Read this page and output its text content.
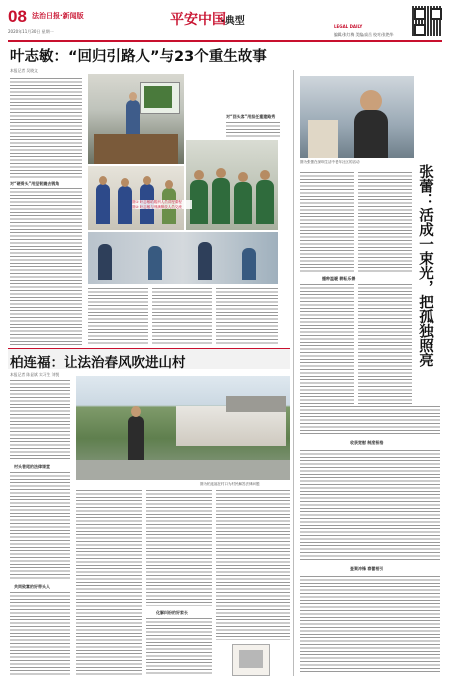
08 法治日报·新闻版
2020年11月30日 星期一
平安中国
·典型	LEGAL DAILY
编辑/张红梅 美编/高岳 校对/张艳华
叶志敏：“回归引路人”与23个重生故事
本报记者 吴晓文
对“硬骨头”用坚韧撬去锈角
图① 叶志敏给服刑人员讲授课程
图② 叶志敏与刑满释放人员交流
对“回头客”用担任重建路秀
图为张蕾在深圳生活中老年社区的活动
张蕾：活成一束光，把孤独照亮
播种温暖 耕耘乐善
收获宽慰 制度桎梏
查案冲锋 春蕾相引
柏连福：让法治春风吹进山村
本报记者 陈显斌 实习生 刘悦
村头巷尾的法律课堂
共同致富的好带头人
图为柏连福在村口为村民解答法律问题
化解纠纷的好家长
